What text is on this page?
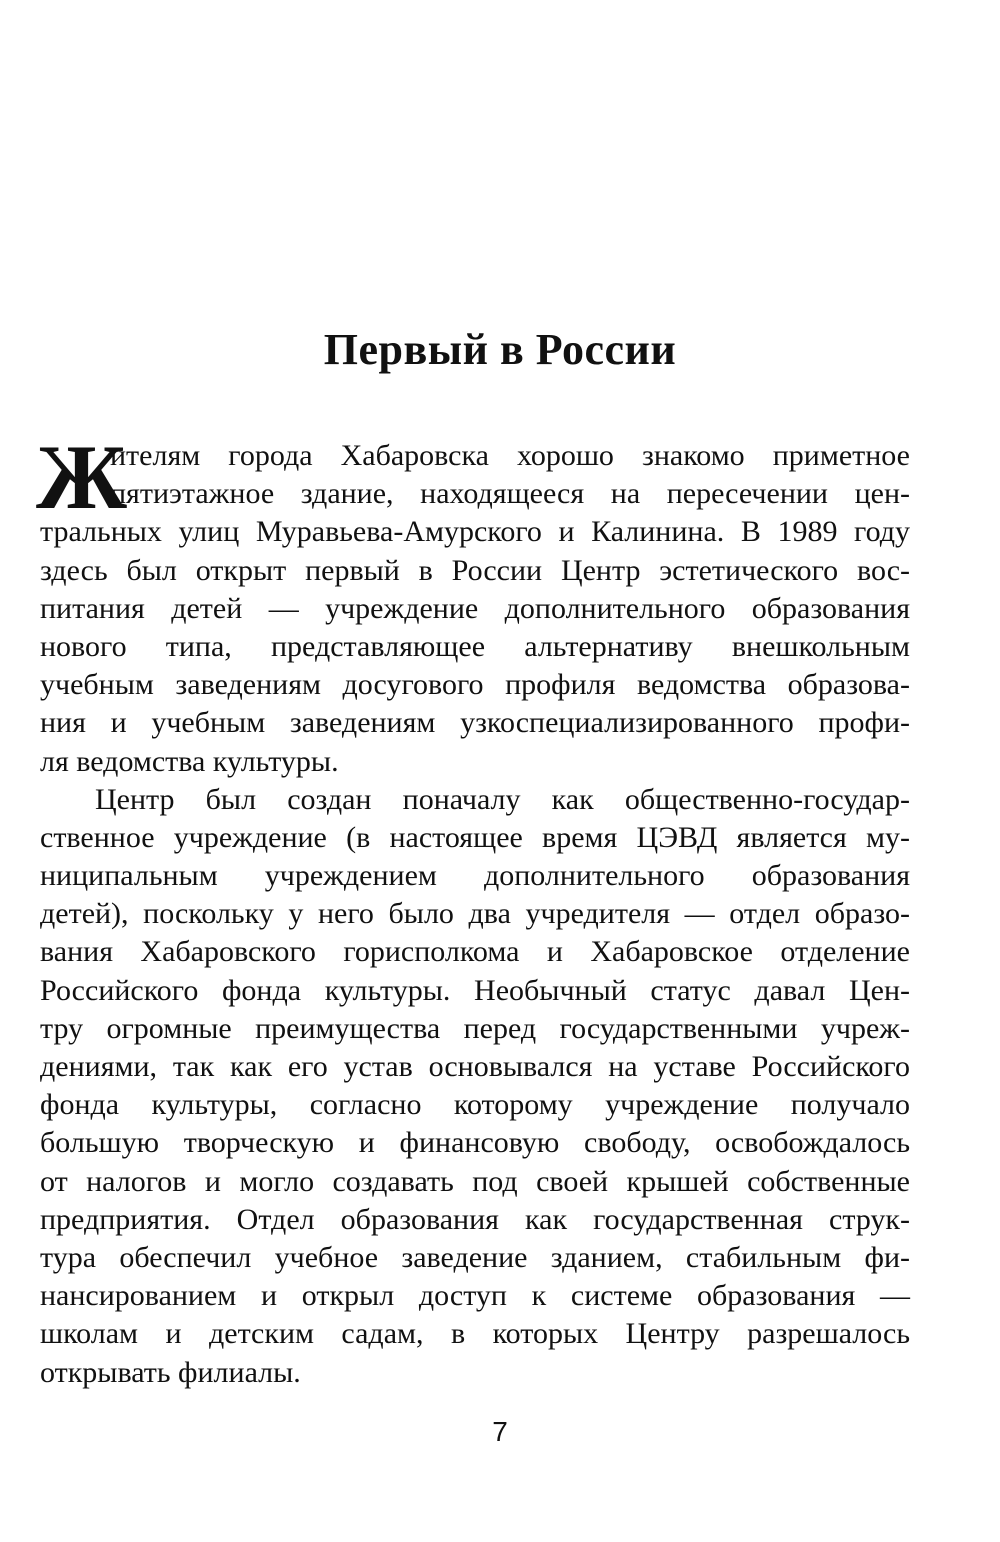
Первый в России
Ж
ителям города Хабаровска хорошо знакомо приметное
пятиэтажное здание, находящееся на пересечении цен-
тральных улиц Муравьева-Амурского и Калинина. В 1989 году
здесь был открыт первый в России Центр эстетического вос-
питания детей — учреждение дополнительного образования
нового типа, представляющее альтернативу внешкольным
учебным заведениям досугового профиля ведомства образова-
ния и учебным заведениям узкоспециализированного профи-
ля ведомства культуры.
Центр был создан поначалу как общественно-государ-
ственное учреждение (в настоящее время ЦЭВД является му-
ниципальным учреждением дополнительного образования
детей), поскольку у него было два учредителя — отдел образо-
вания Хабаровского горисполкома и Хабаровское отделение
Российского фонда культуры. Необычный статус давал Цен-
тру огромные преимущества перед государственными учреж-
дениями, так как его устав основывался на уставе Российского
фонда культуры, согласно которому учреждение получало
большую творческую и финансовую свободу, освобождалось
от налогов и могло создавать под своей крышей собственные
предприятия. Отдел образования как государственная струк-
тура обеспечил учебное заведение зданием, стабильным фи-
нансированием и открыл доступ к системе образования —
школам и детским садам, в которых Центру разрешалось
открывать филиалы.
7
